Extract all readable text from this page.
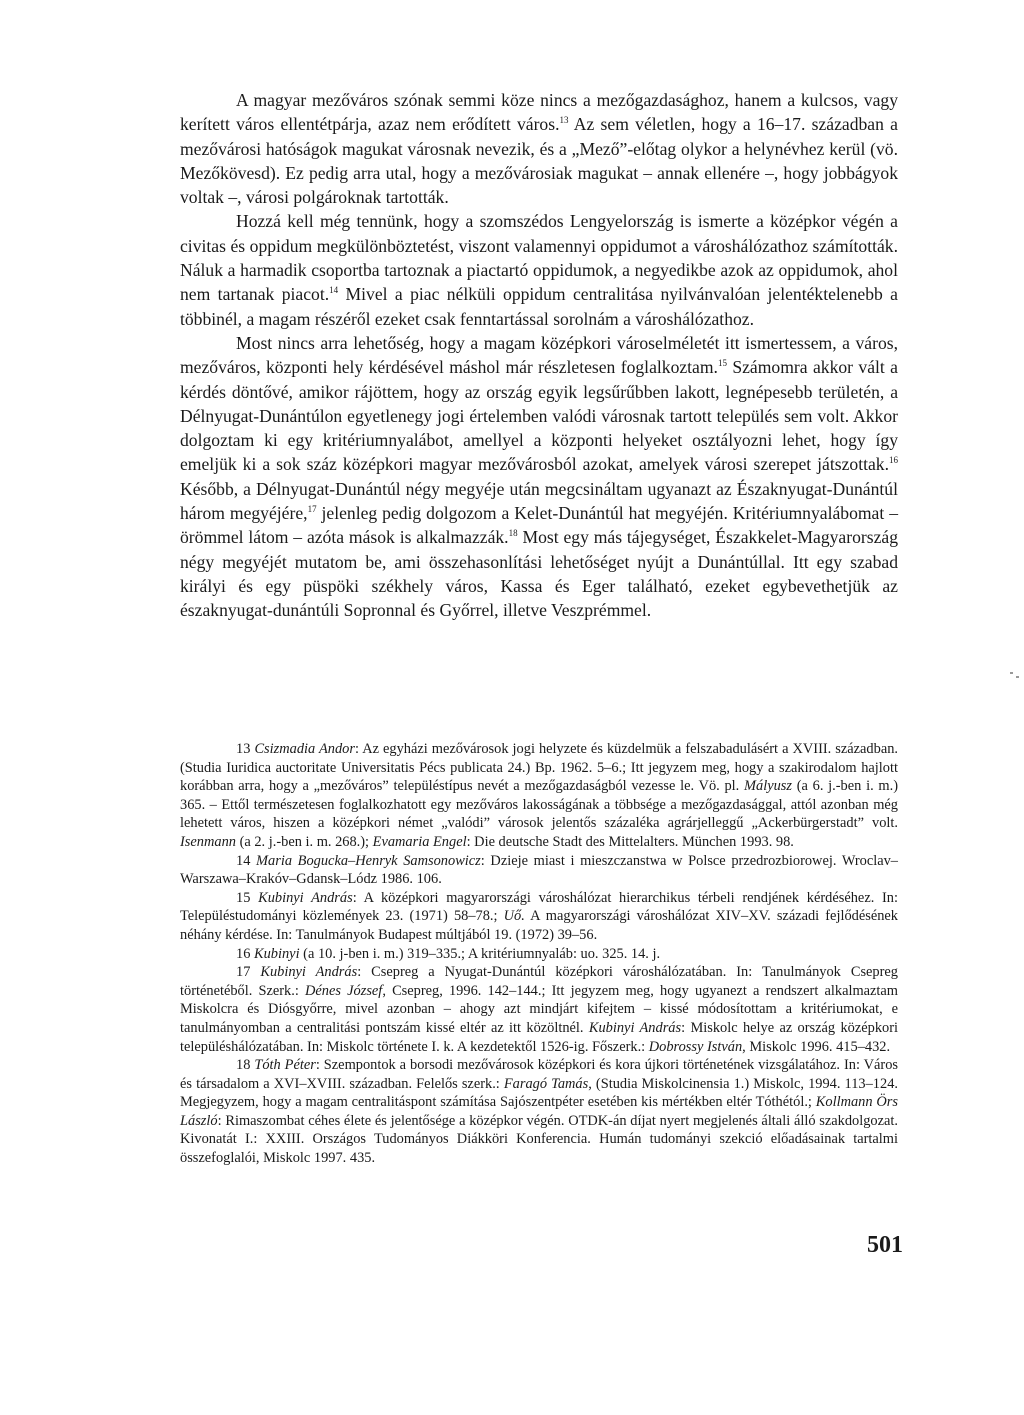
A magyar mezőváros szónak semmi köze nincs a mezőgazdasághoz, hanem a kulcsos, vagy kerített város ellentétpárja, azaz nem erődített város.$^{13}$ Az sem véletlen, hogy a 16–17. században a mezővárosi hatóságok magukat városnak nevezik, és a „Mező”-előtag olykor a helynévhez kerül (vö. Mezőkövesd). Ez pedig arra utal, hogy a mezővárosiak magukat – annak ellenére –, hogy jobbágyok voltak –, városi polgároknak tartották.

Hozzá kell még tennünk, hogy a szomszédos Lengyelország is ismerte a középkor végén a civitas és oppidum megkülönböztetést, viszont valamennyi oppidumot a városhálózathoz számították. Náluk a harmadik csoportba tartoznak a piactartó oppidumok, a negyedikbe azok az oppidumok, ahol nem tartanak piacot.$^{14}$ Mivel a piac nélküli oppidum centralitása nyilvánvalóan jelentéktelenebb a többinél, a magam részéről ezeket csak fenntartással sorolnám a városhálózathoz.

Most nincs arra lehetőség, hogy a magam középkori városelméletét itt ismertessem, a város, mezőváros, központi hely kérdésével máshol már részletesen foglalkoztam.$^{15}$ Számomra akkor vált a kérdés döntővé, amikor rájöttem, hogy az ország egyik legsűrűbben lakott, legnépesebb területén, a Délnyugat-Dunántúlon egyetlenegy jogi értelemben valódi városnak tartott település sem volt. Akkor dolgoztam ki egy kritériumnyalábot, amellyel a központi helyeket osztályozni lehet, hogy így emeljük ki a sok száz középkori magyar mezővárosból azokat, amelyek városi szerepet játszottak.$^{16}$ Később, a Délnyugat-Dunántúl négy megyéje után megcsináltam ugyanazt az Északnyugat-Dunántúl három megyéjére,$^{17}$ jelenleg pedig dolgozom a Kelet-Dunántúl hat megyéjén. Kritériumnyalábomat – örömmel látom – azóta mások is alkalmazzák.$^{18}$ Most egy más tájegységet, Északkelet-Magyarország négy megyéjét mutatom be, ami összehasonlítási lehetőséget nyújt a Dunántúllal. Itt egy szabad királyi és egy püspöki székhely város, Kassa és Eger található, ezeket egybevethetjük az északnyugat-dunántúli Sopronnal és Győrrel, illetve Veszprémmel.

13 Csizmadia Andor: Az egyházi mezővárosok jogi helyzete és küzdelmük a felszabadulásért a XVIII. században. (Studia Iuridica auctoritate Universitatis Pécs publicata 24.) Bp. 1962. 5–6.; Itt jegyzem meg, hogy a szakirodalom hajlott korábban arra, hogy a „mezőváros” településtípus nevét a mezőgazdaságból vezesse le. Vö. pl. Mályusz (a 6. j.-ben i. m.) 365. – Ettől természetesen foglalkozhatott egy mezőváros lakosságának a többsége a mezőgazdasággal, attól azonban még lehetett város, hiszen a középkori német „valódi” városok jelentős százaléka agrárjelleggű „Ackerbürgerstadt” volt. Isenmann (a 2. j.-ben i. m. 268.); Evamaria Engel: Die deutsche Stadt des Mittelalters. München 1993. 98.

14 Maria Bogucka–Henryk Samsonowicz: Dzieje miast i mieszczanstwa w Polsce przedrozbiorowej. Wroclav–Warszawa–Krakóv–Gdansk–Lódz 1986. 106.

15 Kubinyi András: A középkori magyarországi városhálózat hierarchikus térbeli rendjének kérdéséhez. In: Településtudományi közlemények 23. (1971) 58–78.; Uő. A magyarországi városhálózat XIV–XV. századi fejlődésének néhány kérdése. In: Tanulmányok Budapest múltjából 19. (1972) 39–56.

16 Kubinyi (a 10. j-ben i. m.) 319–335.; A kritériumnyaláb: uo. 325. 14. j.

17 Kubinyi András: Csepreg a Nyugat-Dunántúl középkori városhálózatában. In: Tanulmányok Csepreg történetéből. Szerk.: Dénes József, Csepreg, 1996. 142–144.; Itt jegyzem meg, hogy ugyanezt a rendszert alkalmaztam Miskolcra és Diósgyőrre, mivel azonban – ahogy azt mindjárt kifejtem – kissé módosítottam a kritériumokat, e tanulmányomban a centralitási pontszám kissé eltér az itt közöltnél. Kubinyi András: Miskolc helye az ország középkori településhálózatában. In: Miskolc története I. k. A kezdetektől 1526-ig. Főszerk.: Dobrossy István, Miskolc 1996. 415–432.

18 Tóth Péter: Szempontok a borsodi mezővárosok középkori és kora újkori történetének vizsgálatához. In: Város és társadalom a XVI–XVIII. században. Felelős szerk.: Faragó Tamás, (Studia Miskolcinensia 1.) Miskolc, 1994. 113–124. Megjegyzem, hogy a magam centralitáspont számítása Sajószentpéter esetében kis mértékben eltér Tóthétól.; Kollmann Örs László: Rimaszombat céhes élete és jelentősége a középkor végén. OTDK-án díjat nyert megjelenés általi álló szakdolgozat. Kivonatát I.: XXIII. Országos Tudományos Diákköri Konferencia. Humán tudományi szekció előadásainak tartalmi összefoglalói, Miskolc 1997. 435.

501
